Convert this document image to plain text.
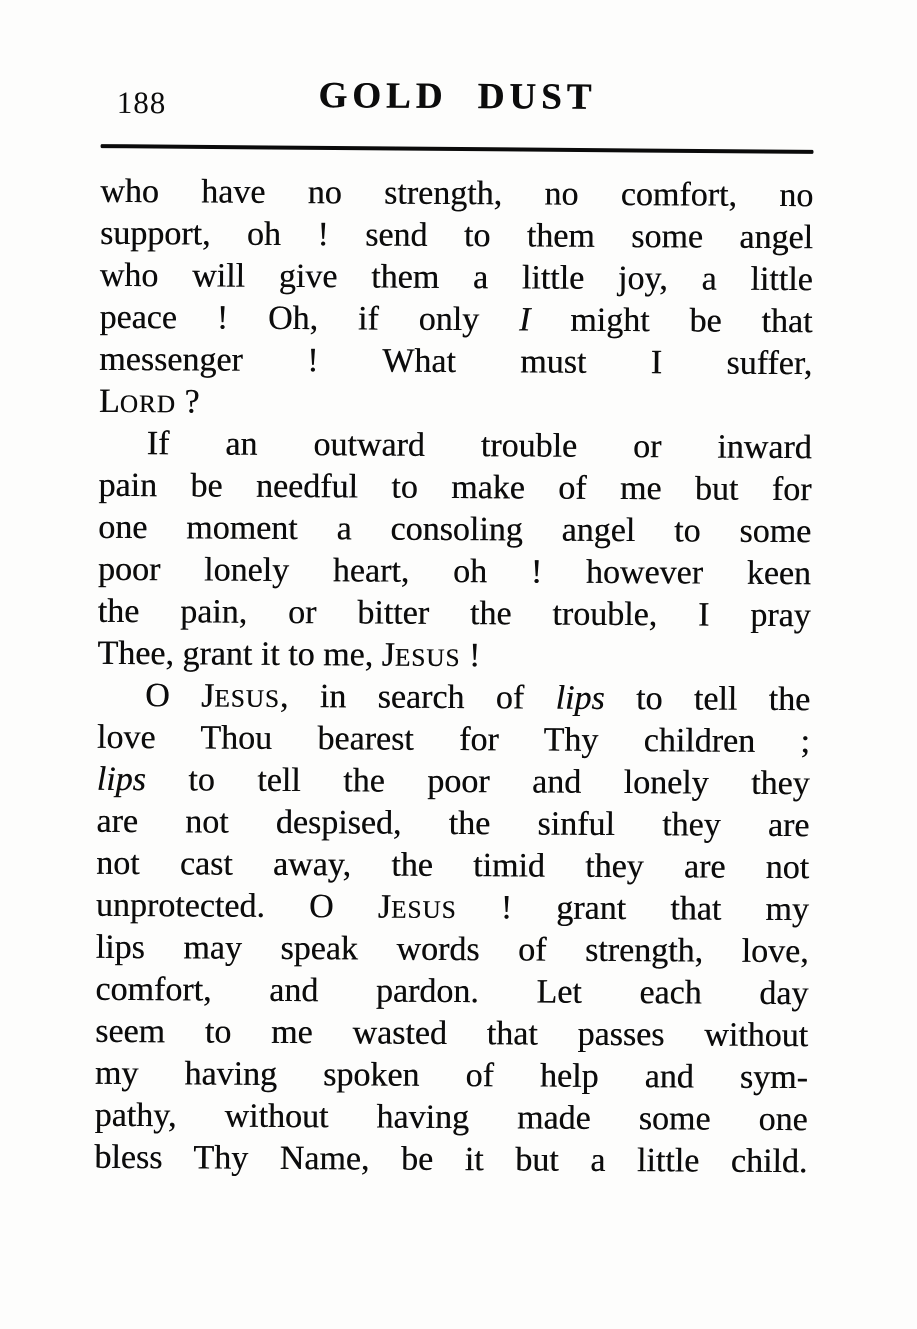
188	GOLD DUST
who have no strength, no comfort, no
support, oh ! send to them some angel
who will give them a little joy, a little
peace ! Oh, if only I might be that
messenger ! What must I suffer,
LORD ?
If an outward trouble or inward
pain be needful to make of me but for
one moment a consoling angel to some
poor lonely heart, oh ! however keen
the pain, or bitter the trouble, I pray
Thee, grant it to me, JESUS !
O JESUS, in search of lips to tell the
love Thou bearest for Thy children ;
lips to tell the poor and lonely they
are not despised, the sinful they are
not cast away, the timid they are not
unprotected. O JESUS ! grant that my
lips may speak words of strength, love,
comfort, and pardon. Let each day
seem to me wasted that passes without
my having spoken of help and sym-
pathy, without having made some one
bless Thy Name, be it but a little child.
